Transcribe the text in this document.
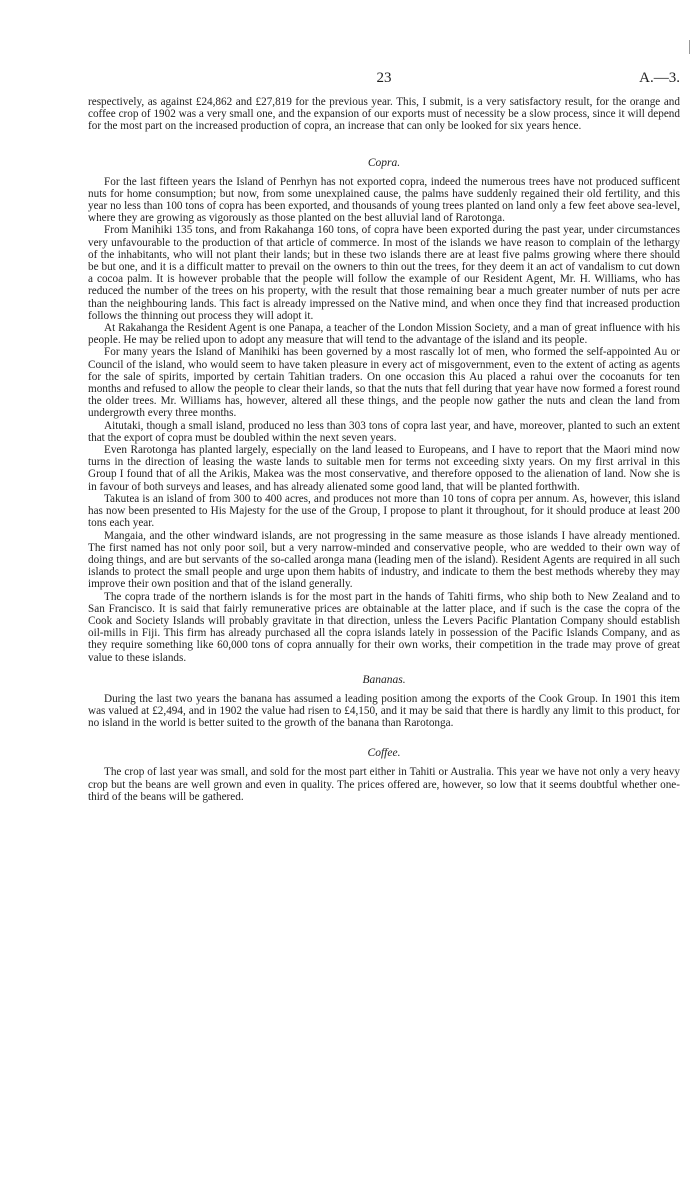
23	A.—3.

respectively, as against £24,862 and £27,819 for the previous year. This, I submit, is a very satisfactory result, for the orange and coffee crop of 1902 was a very small one, and the expansion of our exports must of necessity be a slow process, since it will depend for the most part on the increased production of copra, an increase that can only be looked for six years hence.

Copra.

For the last fifteen years the Island of Penrhyn has not exported copra, indeed the numerous trees have not produced sufficent nuts for home consumption; but now, from some unexplained cause, the palms have suddenly regained their old fertility, and this year no less than 100 tons of copra has been exported, and thousands of young trees planted on land only a few feet above sea-level, where they are growing as vigorously as those planted on the best alluvial land of Rarotonga.

From Manihiki 135 tons, and from Rakahanga 160 tons, of copra have been exported during the past year, under circumstances very unfavourable to the production of that article of commerce. In most of the islands we have reason to complain of the lethargy of the inhabitants, who will not plant their lands; but in these two islands there are at least five palms growing where there should be but one, and it is a difficult matter to prevail on the owners to thin out the trees, for they deem it an act of vandalism to cut down a cocoa palm. It is however probable that the people will follow the example of our Resident Agent, Mr. H. Williams, who has reduced the number of the trees on his property, with the result that those remaining bear a much greater number of nuts per acre than the neighbouring lands. This fact is already impressed on the Native mind, and when once they find that increased production follows the thinning out process they will adopt it.

At Rakahanga the Resident Agent is one Panapa, a teacher of the London Mission Society, and a man of great influence with his people. He may be relied upon to adopt any measure that will tend to the advantage of the island and its people.

For many years the Island of Manihiki has been governed by a most rascally lot of men, who formed the self-appointed Au or Council of the island, who would seem to have taken pleasure in every act of misgovernment, even to the extent of acting as agents for the sale of spirits, imported by certain Tahitian traders. On one occasion this Au placed a rahui over the cocoanuts for ten months and refused to allow the people to clear their lands, so that the nuts that fell during that year have now formed a forest round the older trees. Mr. Williams has, however, altered all these things, and the people now gather the nuts and clean the land from undergrowth every three months.

Aitutaki, though a small island, produced no less than 303 tons of copra last year, and have, moreover, planted to such an extent that the export of copra must be doubled within the next seven years.

Even Rarotonga has planted largely, especially on the land leased to Europeans, and I have to report that the Maori mind now turns in the direction of leasing the waste lands to suitable men for terms not exceeding sixty years. On my first arrival in this Group I found that of all the Arikis, Makea was the most conservative, and therefore opposed to the alienation of land. Now she is in favour of both surveys and leases, and has already alienated some good land, that will be planted forthwith.

Takutea is an island of from 300 to 400 acres, and produces not more than 10 tons of copra per annum. As, however, this island has now been presented to His Majesty for the use of the Group, I propose to plant it throughout, for it should produce at least 200 tons each year.

Mangaia, and the other windward islands, are not progressing in the same measure as those islands I have already mentioned. The first named has not only poor soil, but a very narrow-minded and conservative people, who are wedded to their own way of doing things, and are but servants of the so-called aronga mana (leading men of the island). Resident Agents are required in all such islands to protect the small people and urge upon them habits of industry, and indicate to them the best methods whereby they may improve their own position and that of the island generally.

The copra trade of the northern islands is for the most part in the hands of Tahiti firms, who ship both to New Zealand and to San Francisco. It is said that fairly remunerative prices are obtainable at the latter place, and if such is the case the copra of the Cook and Society Islands will probably gravitate in that direction, unless the Levers Pacific Plantation Company should establish oil-mills in Fiji. This firm has already purchased all the copra islands lately in possession of the Pacific Islands Company, and as they require something like 60,000 tons of copra annually for their own works, their competition in the trade may prove of great value to these islands.

Bananas.

During the last two years the banana has assumed a leading position among the exports of the Cook Group. In 1901 this item was valued at £2,494, and in 1902 the value had risen to £4,150, and it may be said that there is hardly any limit to this product, for no island in the world is better suited to the growth of the banana than Rarotonga.

Coffee.

The crop of last year was small, and sold for the most part either in Tahiti or Australia. This year we have not only a very heavy crop but the beans are well grown and even in quality. The prices offered are, however, so low that it seems doubtful whether one-third of the beans will be gathered.
